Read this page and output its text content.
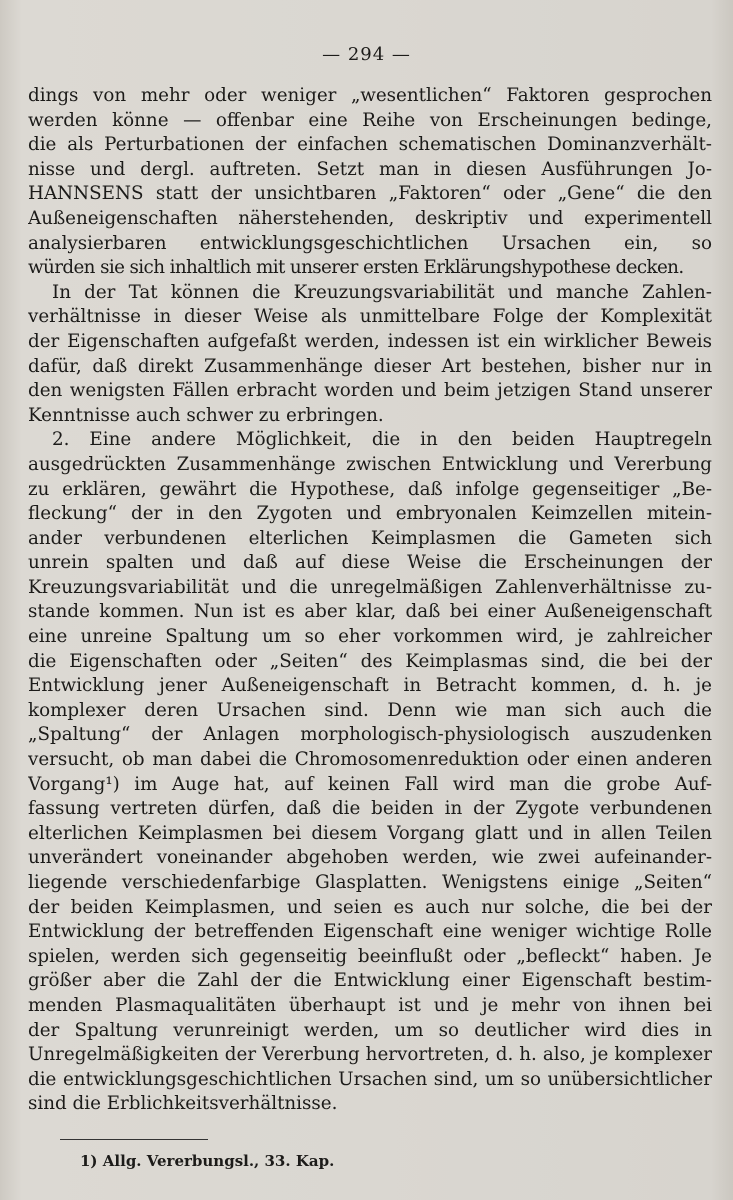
— 294 —
dings von mehr oder weniger „wesentlichen“ Faktoren gesprochen
werden könne — offenbar eine Reihe von Erscheinungen bedinge,
die als Perturbationen der einfachen schematischen Dominanzverhält-
nisse und dergl. auftreten. Setzt man in diesen Ausführungen Jo-
HANNSENS statt der unsichtbaren „Faktoren“ oder „Gene“ die den
Außeneigenschaften näherstehenden, deskriptiv und experimentell
analysierbaren entwicklungsgeschichtlichen Ursachen ein, so
würden sie sich inhaltlich mit unserer ersten Erklärungshypothese decken.
In der Tat können die Kreuzungsvariabilität und manche Zahlen-
verhältnisse in dieser Weise als unmittelbare Folge der Komplexität
der Eigenschaften aufgefaßt werden, indessen ist ein wirklicher Beweis
dafür, daß direkt Zusammenhänge dieser Art bestehen, bisher nur in
den wenigsten Fällen erbracht worden und beim jetzigen Stand unserer
Kenntnisse auch schwer zu erbringen.
2. Eine andere Möglichkeit, die in den beiden Hauptregeln
ausgedrückten Zusammenhänge zwischen Entwicklung und Vererbung
zu erklären, gewährt die Hypothese, daß infolge gegenseitiger „Be-
fleckung“ der in den Zygoten und embryonalen Keimzellen mitein-
ander verbundenen elterlichen Keimplasmen die Gameten sich
unrein spalten und daß auf diese Weise die Erscheinungen der
Kreuzungsvariabilität und die unregelmäßigen Zahlenverhältnisse zu-
stande kommen. Nun ist es aber klar, daß bei einer Außeneigenschaft
eine unreine Spaltung um so eher vorkommen wird, je zahlreicher
die Eigenschaften oder „Seiten“ des Keimplasmas sind, die bei der
Entwicklung jener Außeneigenschaft in Betracht kommen, d. h. je
komplexer deren Ursachen sind. Denn wie man sich auch die
„Spaltung“ der Anlagen morphologisch-physiologisch auszudenken
versucht, ob man dabei die Chromosomenreduktion oder einen anderen
Vorgang¹) im Auge hat, auf keinen Fall wird man die grobe Auf-
fassung vertreten dürfen, daß die beiden in der Zygote verbundenen
elterlichen Keimplasmen bei diesem Vorgang glatt und in allen Teilen
unverändert voneinander abgehoben werden, wie zwei aufeinander-
liegende verschiedenfarbige Glasplatten. Wenigstens einige „Seiten“
der beiden Keimplasmen, und seien es auch nur solche, die bei der
Entwicklung der betreffenden Eigenschaft eine weniger wichtige Rolle
spielen, werden sich gegenseitig beeinflußt oder „befleckt“ haben. Je
größer aber die Zahl der die Entwicklung einer Eigenschaft bestim-
menden Plasmaqualitäten überhaupt ist und je mehr von ihnen bei
der Spaltung verunreinigt werden, um so deutlicher wird dies in
Unregelmäßigkeiten der Vererbung hervortreten, d. h. also, je komplexer
die entwicklungsgeschichtlichen Ursachen sind, um so unübersichtlicher
sind die Erblichkeitsverhältnisse.
1) Allg. Vererbungsl., 33. Kap.
